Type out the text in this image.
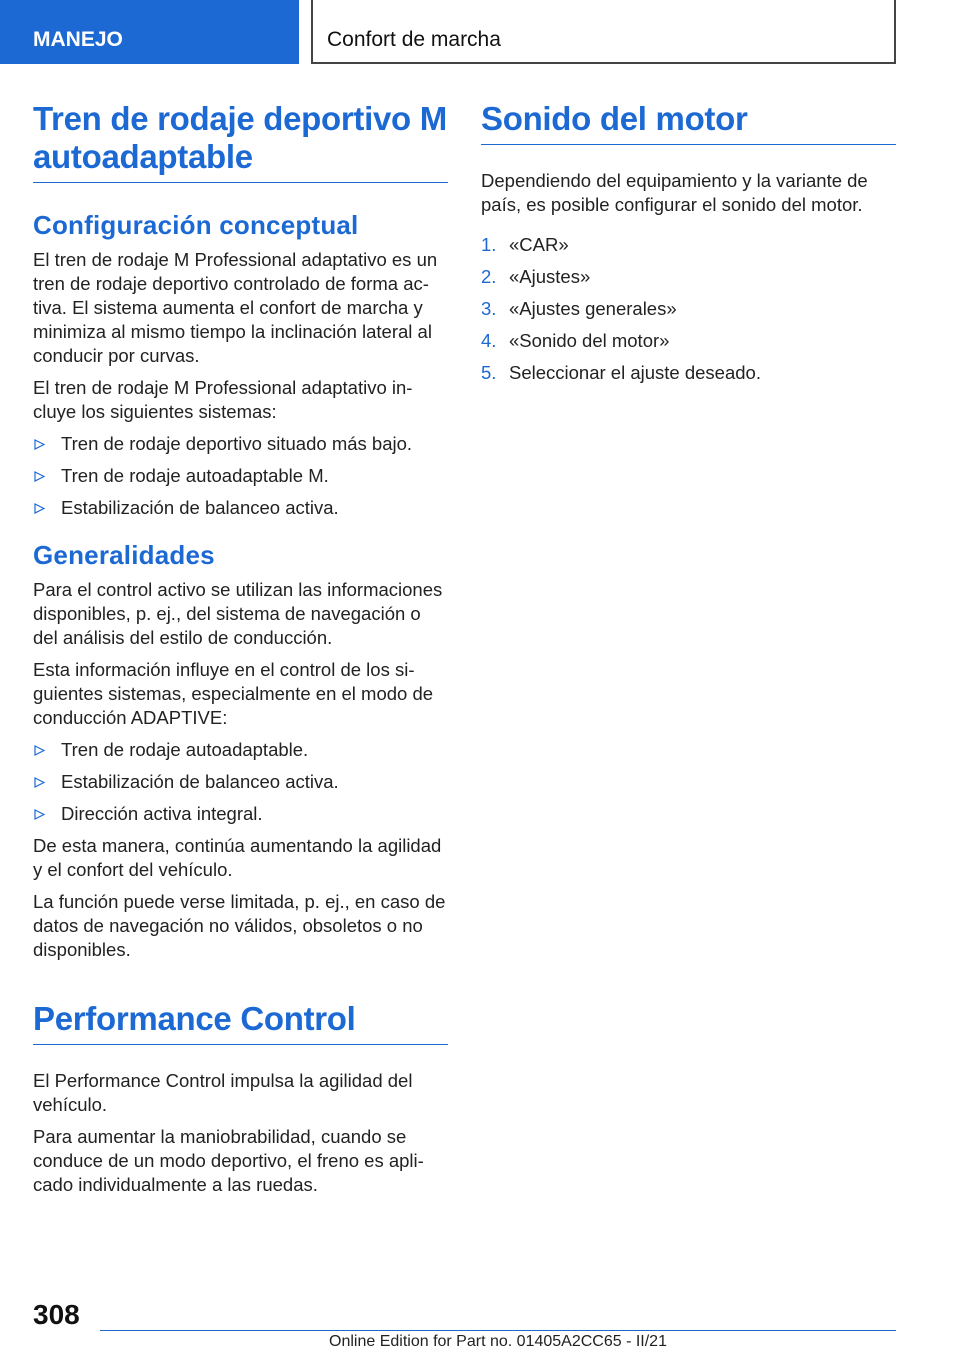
MANEJO	Confort de marcha
Tren de rodaje deportivo M autoadaptable
Configuración conceptual

El tren de rodaje M Professional adaptativo es un tren de rodaje deportivo controlado de forma ac-tiva. El sistema aumenta el confort de marcha y minimiza al mismo tiempo la inclinación lateral al conducir por curvas.

El tren de rodaje M Professional adaptativo in-cluye los siguientes sistemas:

Tren de rodaje deportivo situado más bajo.
Tren de rodaje autoadaptable M.
Estabilización de balanceo activa.
Generalidades

Para el control activo se utilizan las informaciones disponibles, p. ej., del sistema de navegación o del análisis del estilo de conducción.

Esta información influye en el control de los si-guientes sistemas, especialmente en el modo de conducción ADAPTIVE:

Tren de rodaje autoadaptable.
Estabilización de balanceo activa.
Dirección activa integral.

De esta manera, continúa aumentando la agilidad y el confort del vehículo.

La función puede verse limitada, p. ej., en caso de datos de navegación no válidos, obsoletos o no disponibles.

Performance Control

El Performance Control impulsa la agilidad del vehículo.

Para aumentar la maniobrabilidad, cuando se conduce de un modo deportivo, el freno es apli-cado individualmente a las ruedas.

Sonido del motor

Dependiendo del equipamiento y la variante de país, es posible configurar el sonido del motor.

1. «CAR»
2. «Ajustes»
3. «Ajustes generales»
4. «Sonido del motor»
5. Seleccionar el ajuste deseado.
308
Online Edition for Part no. 01405A2CC65 - II/21
